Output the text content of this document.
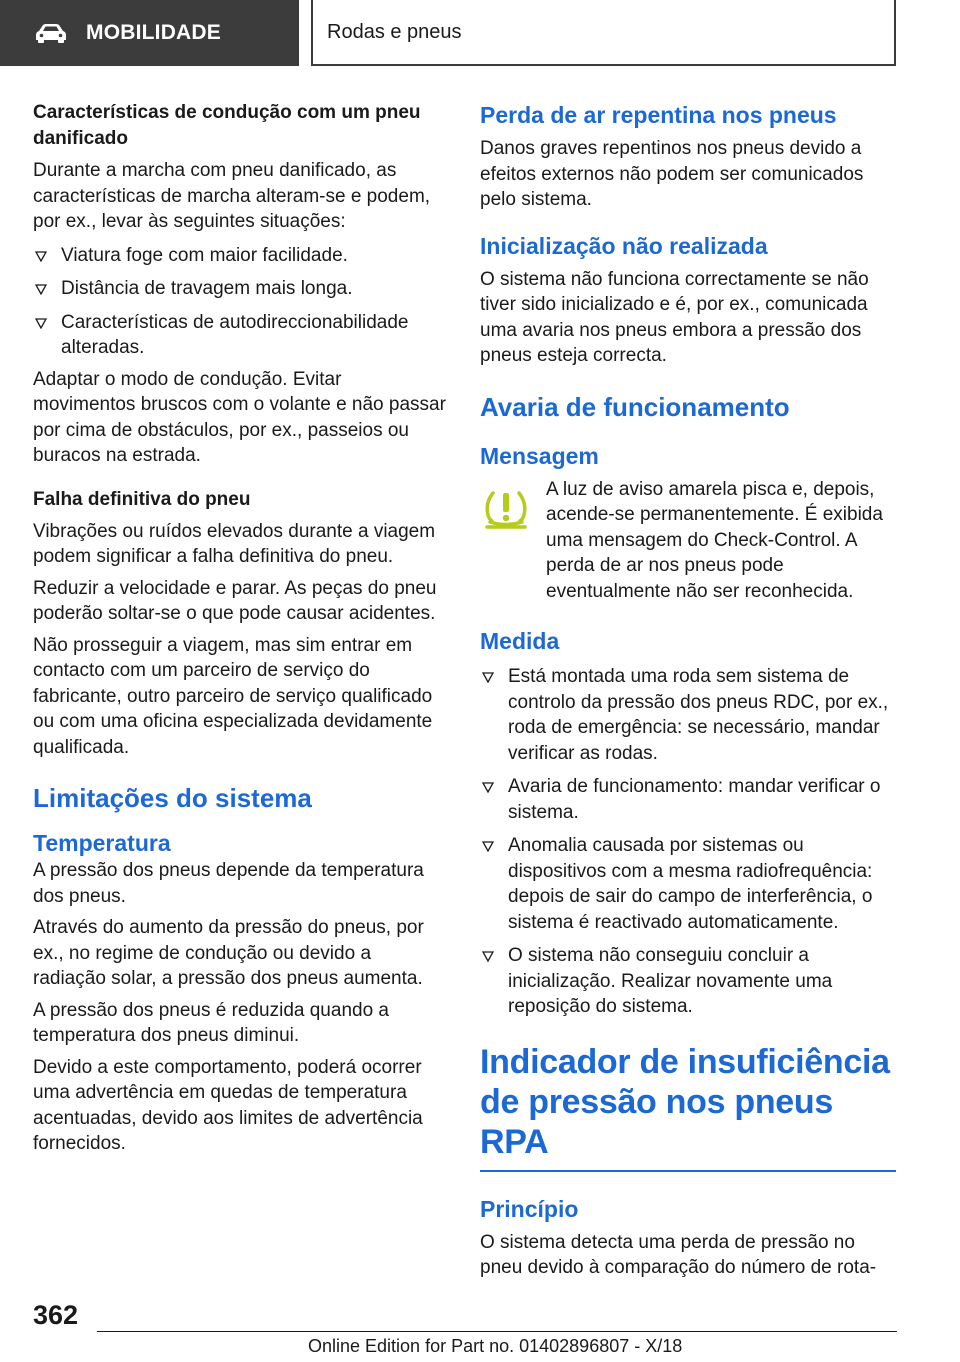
MOBILIDADE	Rodas e pneus
Características de condução com um pneu danificado
Durante a marcha com pneu danificado, as características de marcha alteram-se e podem, por ex., levar às seguintes situações:
Viatura foge com maior facilidade.
Distância de travagem mais longa.
Características de autodireccionabilidade alteradas.
Adaptar o modo de condução. Evitar movimentos bruscos com o volante e não passar por cima de obstáculos, por ex., passeios ou buracos na estrada.
Falha definitiva do pneu
Vibrações ou ruídos elevados durante a viagem podem significar a falha definitiva do pneu.
Reduzir a velocidade e parar. As peças do pneu poderão soltar-se o que pode causar acidentes.
Não prosseguir a viagem, mas sim entrar em contacto com um parceiro de serviço do fabricante, outro parceiro de serviço qualificado ou com uma oficina especializada devidamente qualificada.
Limitações do sistema
Temperatura
A pressão dos pneus depende da temperatura dos pneus.
Através do aumento da pressão do pneus, por ex., no regime de condução ou devido a radiação solar, a pressão dos pneus aumenta.
A pressão dos pneus é reduzida quando a temperatura dos pneus diminui.
Devido a este comportamento, poderá ocorrer uma advertência em quedas de temperatura acentuadas, devido aos limites de advertência fornecidos.
Perda de ar repentina nos pneus
Danos graves repentinos nos pneus devido a efeitos externos não podem ser comunicados pelo sistema.
Inicialização não realizada
O sistema não funciona correctamente se não tiver sido inicializado e é, por ex., comunicada uma avaria nos pneus embora a pressão dos pneus esteja correcta.
Avaria de funcionamento
Mensagem
A luz de aviso amarela pisca e, depois, acende-se permanentemente. É exibida uma mensagem do Check-Control. A perda de ar nos pneus pode eventualmente não ser reconhecida.
Medida
Está montada uma roda sem sistema de controlo da pressão dos pneus RDC, por ex., roda de emergência: se necessário, mandar verificar as rodas.
Avaria de funcionamento: mandar verificar o sistema.
Anomalia causada por sistemas ou dispositivos com a mesma radiofrequência: depois de sair do campo de interferência, o sistema é reactivado automaticamente.
O sistema não conseguiu concluir a inicialização. Realizar novamente uma reposição do sistema.
Indicador de insuficiência de pressão nos pneus RPA
Princípio
O sistema detecta uma perda de pressão no pneu devido à comparação do número de rota-
362
Online Edition for Part no. 01402896807 - X/18
